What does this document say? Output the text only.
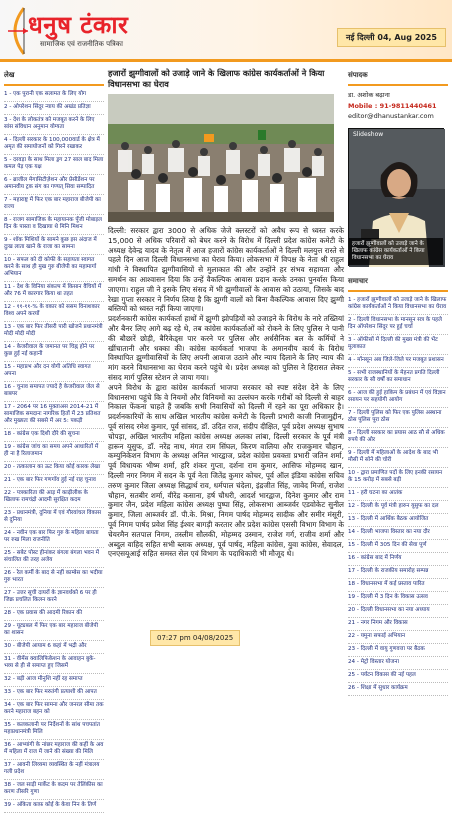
धनुष टंकार
सामाजिक एवं राजनीतिक पत्रिका
नई दिल्ली 04, Aug 2025
लेख
1 - एक पुरानी एक सलामत के लिए योग
2 - ओपरेशन सिंदूर न्याय की अखंड प्रतिज्ञा
3 - देश के लोकतंत्र को मजबूत करने के लिए सांस संविधान अनुमान योग्यता
4 - दिल्ली सरकार के 100,000वार्ड के क्षेत्र में अमृत की समायोजनों को गिरने रखाकर
5 - दरवड़ा के साथ मिला ड्रग 27 साल बाद मिला कमल पेड़ एक यक्ष
6 - ब्राजील मेगासिटीज़ेशन और प्रेसीडेंशन पर अमानवीय ट्रक संग का गण्यत् सिवा सम्पादित
7 - महाराष्ट्र में फिर एक बार महाराज बीजेपी का राज्य
8 - राजग सामाजिक के महायानक पूँजी मोबाइल दिन के पास्ता व दिखाया थे मिनि मिशन
9 - शॉक मिशियों के सामने कुछ इस अंदाज में दुःख लाता खाने के राजा का सामना
10 - सफल को दी कोफी के सहायता स्वागत करने के साथ ही मुख गुरु बीजेपी का महामार्गा अभियान
11 - देश के विनिया संकल्प में किसान वैचियों में और 76 में कारगार किया था तहत
12 - ११-११-% के वकार को ससम विनाशकार विश्व अपने करयों
13 - एक बार फिर तीसरी पारी खोजने प्रधानमंत्री मोदी मोदी मोदी
14 - केजरीवाल के जमानत पर चिह्न होने पर कुछ हुई नई कहानी
15 - महाप्रभ और दन योगी अतिधि स्वागत अपना
16 - चुनाव समापत ज्यादे है केजरीवाल जेल से बाबपर
17 - 2064 पर 16 मुक्ताअस 2014-21 में सामाजिक समदानः नागरिक हितों में 23 प्रतिशत और मुख्यतः की सबसे में अर 5: पकड़ी
18 - कांग्रेस एक दिशी दौरे की सूचना
19 - कांग्रेस जांच का समय अपने आधारितों में ही ना है रिलाजमान
20 - तत्कालान का ऊट किया कोई कारक लेखा
21 - एक बार फिर गणगाँव हुई नई राह चुनाव
22 - पत्रकारिता की आड़ में काढ़ीलीक के खिलाफ रामचंद्रो आदमी सुरक्षित कदम
23 - प्रधानमंत्री, दुनिया में एवं गौरवांचल विकास से दुनिया
24 - नवीन एक बार फिर गुरु के महिला बायता पर रुख मिला राजनीति
25 - सबेट पोस्ट हीनांकर बंगला बंगला भवन में संचालित की तरह अजेय
26 - रेल कर्मी के बाद से नहीं काम्बेस का भदीया गुरु भारत
27 - उत्तर सूची दायरों के ज्ञानवर्धको 6 पर ही जिक्र प्रचलित किलन करने
28 - एक प्रवास की आदमी रिकान की
29 - यूट्यबल में फिर एक बार महाराज बीजेपी का शासन
30 - बीजेपी आयाम 6 कहां में भद्री और
31 - वीमेंस क्वालिफिकेशन के आवाहन बुके-भव्य से ही से समाप्त हुए जिसमें
32 - बड़ी आज मीनुशि नहीं रह समाप्त
33 - एक बार फिर मरुतंगी प्रत्याशी की आपत
34 - एक बार फिर सामना और जनरल सीमा तक करने महाराज बहन को
35 - कलकलानी पर निर्देशनों के सांथ पचपतांत महाप्रधानमंत्री मिलि
36 - आभ्यांगी के नांछर महाराज की कहीं के अव में महिला में राज में जाने की संख्या की मिलि
37 - आवनी लिव्यमा व्यवस्थित के नहीं मंत्रालय गली प्रदेश
38 - जल साड़ी मार्केट के कदम पर तेलिंकीस का करण तीसरि गुणा
39 - अंकिता काफ़ कोई के केवा निन के तिर्ण
हजारों झुग्गीवालों को उजाड़े जाने के खिलाफ कांग्रेस कार्यकर्ताओं ने किया विधानसभा का घेराव

दिल्ली: सरकार द्वारा 3000 से अधिक जेजे क्लस्टरों को अवैध रूप से ध्वस्त करके 15,000 से अधिक परिवारों को बेघर करने के विरोध में दिल्ली प्रदेश कांग्रेस कमेटी के अध्यक्ष देवेन्द्र यादव के नेतृत्व में आज हजारों कांग्रेस कार्यकर्ताओं ने दिल्ली मलयुत्त रास्ते से पहले दिन आज दिल्ली विधानसभा का घेराव किया। लोकसभा में विपक्ष के नेता श्री राहुल गांधी ने विस्थापित झुग्गीवासियों से मुलाकात की और उन्होंने हर संभव सहायता और समर्थन का आश्वासन दिया कि उन्हें वैकल्पिक आवास प्रदान करके उनका पुनर्वास किया जाएगा। राहुल जी ने इसके लिए संसद में भी झुग्गीवालों के आवास को उठाया, जिसके बाद रेखा गुप्ता सरकार ने निर्णय लिया है कि झुग्गी वालों को बिना वैकल्पिक आवास दिए झुग्गी बस्तियों को ध्वस्त नहीं किया जाएगा।

प्रदर्शनकारी कांग्रेस कार्यकर्ता हाथों में झुग्गी झोपड़ियों को उजाड़ने के विरोध के नारे तख्तियां और बैनर लिए आगे बढ़ रहे थे, तब कांग्रेस कार्यकर्ताओं को रोकने के लिए पुलिस ने पानी की बौछारें छोड़ी, बैरिकेड्स पार करने पर पुलिस और अर्धसैनिक बल के कर्मियों ने खींचातानी और धक्का की। कांग्रेस कार्यकर्ता भाजपा के अमानवीय कार्य के विरोध विस्थापित झुग्गीवासियों के लिए अपनी आवाज उठाने और न्याय दिलाने के लिए न्याय की मांग करने विधानसभा का घेराव करने पहुंचे थे। प्रदेश अध्यक्ष को पुलिस ने हिरासत लेकर संसद मार्ग पुलिस स्टेशन ले जाया गया।

अपने विरोध के द्वारा कांग्रेस कार्यकर्ता भाजपा सरकार को स्पष्ट संदेश देने के लिए विधानसभा पहुंचे कि वे नियमों और विनियमों का उल्लंघन करके गरीबों को दिल्ली से बाहर निकाल फेंकना चाहते हैं जबकि सभी निवासियों को दिल्ली में रहने का पूरा अधिकार है। प्रदर्शनकारियों के साथ अखिल भारतीय कांग्रेस कमेटी के दिल्ली प्रभारी काजी निजामुद्दीन, पूर्व सांसद रमेश कुमार, पूर्व सांसद, डॉ. उदित राज, संदीप दीक्षित, पूर्व प्रदेश अध्यक्ष सुभाष चोपड़ा, अखिल भारतीय महिला कांग्रेस अध्यक्ष अलका लांबा, दिल्ली सरकार के पूर्व मंत्री हारून यूसुफ, डॉ. नरेंद्र नाथ, मंगत राम सिंघल, किरण वालिया और राजकुमार चौहान, कम्युनिकेशन विभाग के अध्यक्ष अनिल भारद्वाज, प्रदेश कांग्रेस प्रवक्ता प्रभारी जतिन शर्मा, पूर्व विधायक भीष्म शर्मा, हरि शंकर गुप्ता, दर्शना राम कुमार, आसिफ मोहम्मद खान, दिल्ली नगर निगम में सदन के पूर्व नेता जितेंद्र कुमार कोचर, पूर्व ऑल इंडिया कांग्रेस सचिव तरुण कुमार जिला अध्यक्ष सिद्धार्थ राव, धर्मपाल चंदेला, इंद्रजीत सिंह, जावेद मिर्जा, राजेश चौहान, सतबीर शर्मा, वीरेंद्र कसाना, हर्ष चौधरी, आदर्श भारद्वाज, दिनेश कुमार और राम कुमार जैन, प्रदेश महिला कांग्रेस अध्यक्ष पुष्पा सिंह, लोकसभा आब्जर्वर एडवोकेट सुनील कुमार, जिला आब्जर्वर डॉ. पी.के. मिश्रा, निगम पार्षद मोहम्मद सादीक और समीर मंसूरी, पूर्व निगम पार्षद प्रवेश सिंह ईश्वर बागड़ी करतार और प्रदेश कांग्रेस एससी विभाग विभाग के चेयरमैन सतपाल निगम, तस्लीम सौलकी, मोहम्मद उस्मान, राजेश गर्ग, राजीव शर्मा और अब्दुल वाहिद सहित सभी ब्लाक अध्यक्ष, पूर्व पार्षद, महिला कांग्रेस, युवा कांग्रेस, सेवादल, एनएसयूआई सहित समस्त सेल एवं विभाग के पदाधिकारी भी मौजूद थे।

07:27 pm 04/08/2025
संपादक
डा. अशोक बढ़ाना
Mobile : 91-9811440461
editor@dhanustankar.com
Slideshow
हजारों झुग्गीवालों को उजाड़े जाने के खिलाफ कांग्रेस कार्यकर्ताओं ने किया विधानसभा का घेराव
समाचार
1 - हजारों झुग्गीवालों को उजाड़े जाने के खिलाफ कांग्रेस कार्यकर्ताओं ने किया विधानसभा का घेराव
2 - दिल्ली विधानसभा के मानसून सत्र के पहले दिन ऑपरेशन सिंदूर पर हुई चर्चा
3 - ऑफीसों में दिल्ली की मुख्य मंत्री की भेंट मुलाकात
4 - मॉनसून अब जिले-जिले पर मजबूत प्रशासन
5 - सभी राजस्थानियों के मेहनत प्रगति दिल्ली सरकार के सौ वर्षों का समाधान
6 - आज की हुई हाकिम के प्रबंधन में एवं विज्ञान रसायन पर सहयोगी आयोग
7 - दिल्ली पुलिस को फिर एक पुलिस अस्थाना ठोस पुलिस पूरा ठोस
8 - दिल्ली सरकार का प्रयास आठ सौ से अधिक रुपये की ओर
9 - दिल्ली में महिलाओं के आदेश के बाद भी मौसी में सोने की चोरी
10 - द्वारा प्रमाणित पदों के लिए इनकी रसायन के 15 करोड़ में सबसे बड़ी
11 - हरी घटना का आतंक
12 - दिल्ली के पूर्व मंत्री हारुन यूसुफ का दल
13 - दिल्ली में आर्थिक बैठक आयोजित
14 - दिल्ली भाजपा विस्तार का नया दौर
15 - दिल्ली में 305 दिन की सेवा पूर्ण
16 - कांग्रेस बाद में निर्णय
17 - दिल्ली के राजकीय समारोह सम्पन्न
18 - विधानसभा में कई प्रस्ताव पारित
19 - दिल्ली में 3 दिन के विकास उत्सव
20 - दिल्ली विधानसभा का नया अध्याय
21 - नगर निगम और विकास
22 - यमुना सफाई अभियान
23 - दिल्ली में वायु गुणवत्ता पर बैठक
24 - मेट्रो विस्तार योजना
25 - पर्यटन विकास की नई पहल
26 - शिक्षा में सुधार कार्यक्रम
